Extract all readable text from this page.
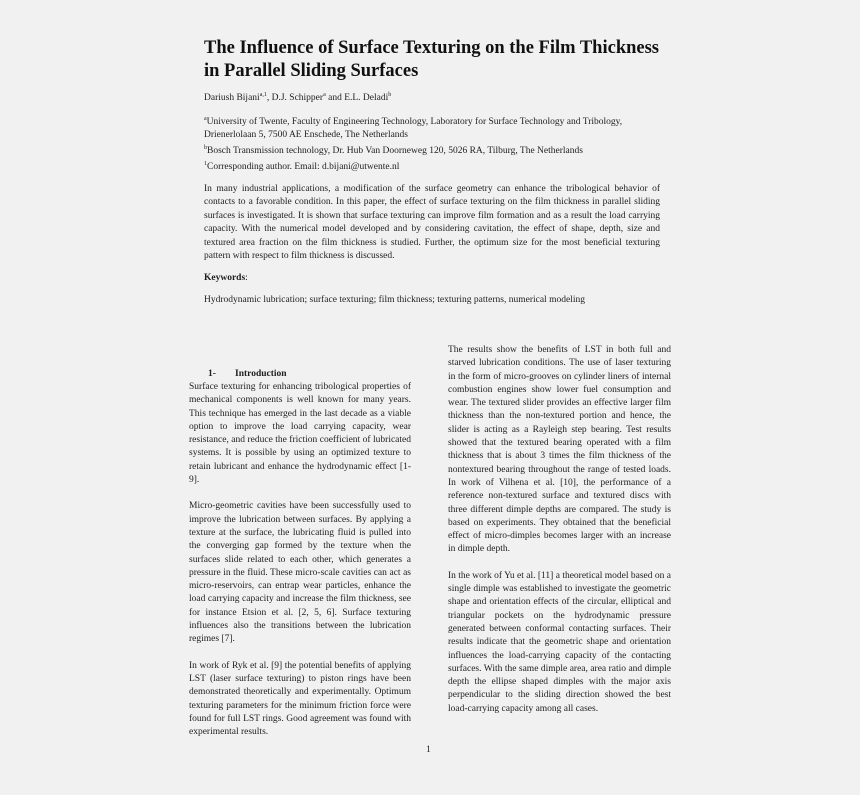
The Influence of Surface Texturing on the Film Thickness in Parallel Sliding Surfaces
Dariush Bijani$^{a,1}$, D.J. Schipper$^a$ and E.L. Deladi$^b$
$^a$University of Twente, Faculty of Engineering Technology, Laboratory for Surface Technology and Tribology, Drienerlolaan 5, 7500 AE Enschede, The Netherlands
$^b$Bosch Transmission technology, Dr. Hub Van Doorneweg 120, 5026 RA, Tilburg, The Netherlands
$^1$Corresponding author. Email: d.bijani@utwente.nl

In many industrial applications, a modification of the surface geometry can enhance the tribological behavior of contacts to a favorable condition. In this paper, the effect of surface texturing on the film thickness in parallel sliding surfaces is investigated. It is shown that surface texturing can improve film formation and as a result the load carrying capacity. With the numerical model developed and by considering cavitation, the effect of shape, depth, size and textured area fraction on the film thickness is studied. Further, the optimum size for the most beneficial texturing pattern with respect to film thickness is discussed.

Keywords:
Hydrodynamic lubrication; surface texturing; film thickness; texturing patterns, numerical modeling
1- Introduction

Surface texturing for enhancing tribological properties of mechanical components is well known for many years. This technique has emerged in the last decade as a viable option to improve the load carrying capacity, wear resistance, and reduce the friction coefficient of lubricated systems. It is possible by using an optimized texture to retain lubricant and enhance the hydrodynamic effect [1-9].

Micro-geometric cavities have been successfully used to improve the lubrication between surfaces. By applying a texture at the surface, the lubricating fluid is pulled into the converging gap formed by the texture when the surfaces slide related to each other, which generates a pressure in the fluid. These micro-scale cavities can act as micro-reservoirs, can entrap wear particles, enhance the load carrying capacity and increase the film thickness, see for instance Etsion et al. [2, 5, 6]. Surface texturing influences also the transitions between the lubrication regimes [7].

In work of Ryk et al. [9] the potential benefits of applying LST (laser surface texturing) to piston rings have been demonstrated theoretically and experimentally. Optimum texturing parameters for the minimum friction force were found for full LST rings. Good agreement was found with experimental results.

The results show the benefits of LST in both full and starved lubrication conditions. The use of laser texturing in the form of micro-grooves on cylinder liners of internal combustion engines show lower fuel consumption and wear. The textured slider provides an effective larger film thickness than the non-textured portion and hence, the slider is acting as a Rayleigh step bearing. Test results showed that the textured bearing operated with a film thickness that is about 3 times the film thickness of the nontextured bearing throughout the range of tested loads. In work of Vilhena et al. [10], the performance of a reference non-textured surface and textured discs with three different dimple depths are compared. The study is based on experiments. They obtained that the beneficial effect of micro-dimples becomes larger with an increase in dimple depth.

In the work of Yu et al. [11] a theoretical model based on a single dimple was established to investigate the geometric shape and orientation effects of the circular, elliptical and triangular pockets on the hydrodynamic pressure generated between conformal contacting surfaces. Their results indicate that the geometric shape and orientation influences the load-carrying capacity of the contacting surfaces. With the same dimple area, area ratio and dimple depth the ellipse shaped dimples with the major axis perpendicular to the sliding direction showed the best load-carrying capacity among all cases.

1
